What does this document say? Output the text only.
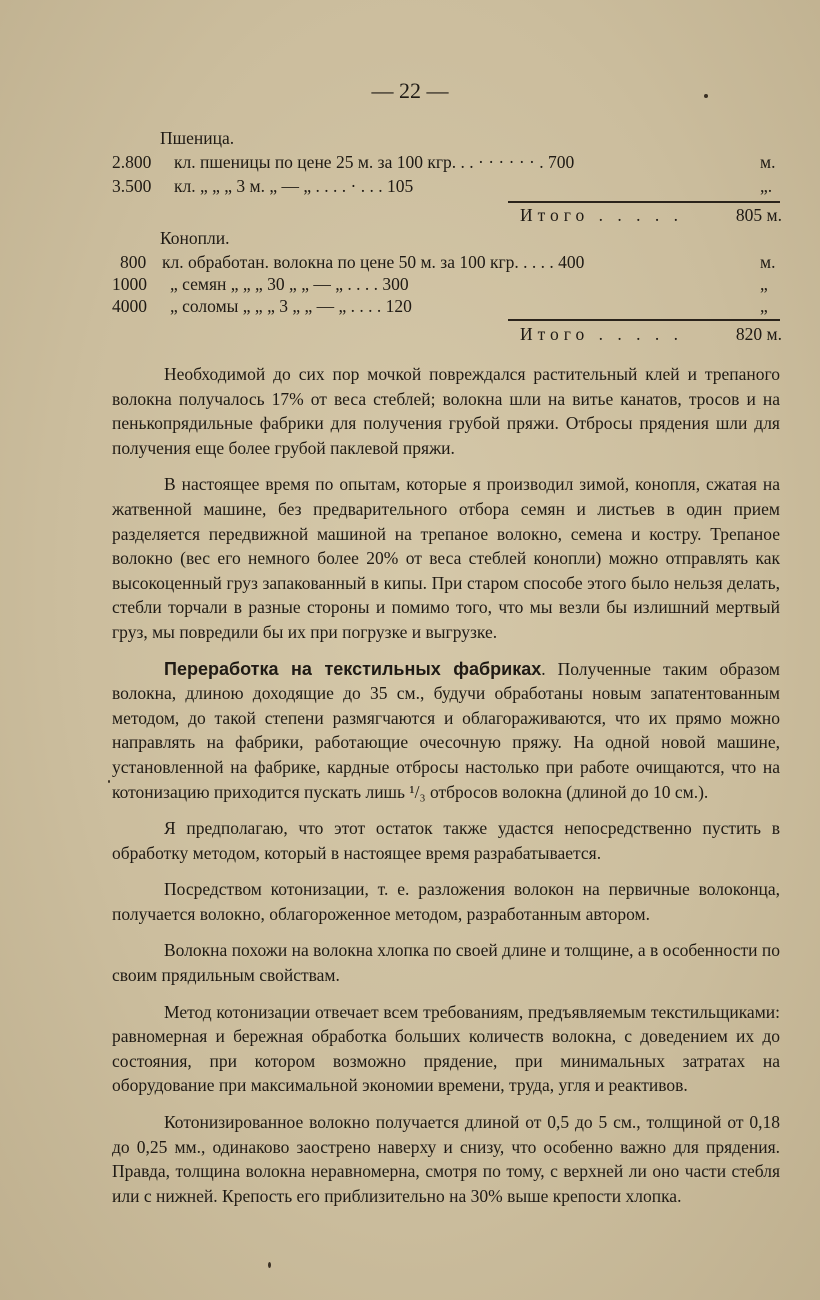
— 22 —
Пшеница.
2.800 кл. пшеницы по цене 25 м. за 100 кгр. . . · · · · · · . 700	м.
3.500 кл. „ „ „ 3 м. „ — „ . . . . · . . . 105	„.
Итого . . . . .	805 м.
Конопли.
800 кл. обработан. волокна по цене 50 м. за 100 кгр. . . . . 400	м.
1000 „ семян „ „ „ 30 „ „ — „ . . . . 300	„
4000 „ соломы „ „ „ 3 „ „ — „ . . . . 120	„
Итого . . . . .	820 м.

Необходимой до сих пор мочкой повреждался растительный клей и трепаного волокна получалось 17% от веса стеблей; волокна шли на витье канатов, тросов и на пенькопрядильные фабрики для получения грубой пряжи. Отбросы прядения шли для получения еще более грубой паклевой пряжи.

В настоящее время по опытам, которые я производил зимой, конопля, сжатая на жатвенной машине, без предварительного отбора семян и листьев в один прием разделяется передвижной машиной на трепаное волокно, семена и костру. Трепаное волокно (вес его немного более 20% от веса стеблей конопли) можно отправлять как высокоценный груз запакованный в кипы. При старом способе этого было нельзя делать, стебли торчали в разные стороны и помимо того, что мы везли бы излишний мертвый груз, мы повредили бы их при погрузке и выгрузке.

Переработка на текстильных фабриках. Полученные таким образом волокна, длиною доходящие до 35 см., будучи обработаны новым запатентованным методом, до такой степени размягчаются и облагораживаются, что их прямо можно направлять на фабрики, работающие очесочную пряжу. На одной новой машине, установленной на фабрике, кардные отбросы настолько при работе очищаются, что на котонизацию приходится пускать лишь ¹/₃ отбросов волокна (длиной до 10 см.).

Я предполагаю, что этот остаток также удастся непосредственно пустить в обработку методом, который в настоящее время разрабатывается.

Посредством котонизации, т. е. разложения волокон на первичные волоконца, получается волокно, облагороженное методом, разработанным автором.

Волокна похожи на волокна хлопка по своей длине и толщине, а в особенности по своим прядильным свойствам.

Метод котонизации отвечает всем требованиям, предъявляемым текстильщиками: равномерная и бережная обработка больших количеств волокна, с доведением их до состояния, при котором возможно прядение, при минимальных затратах на оборудование при максимальной экономии времени, труда, угля и реактивов.

Котонизированное волокно получается длиной от 0,5 до 5 см., толщиной от 0,18 до 0,25 мм., одинаково заострено наверху и снизу, что особенно важно для прядения. Правда, толщина волокна неравномерна, смотря по тому, с верхней ли оно части стебля или с нижней. Крепость его приблизительно на 30% выше крепости хлопка.
